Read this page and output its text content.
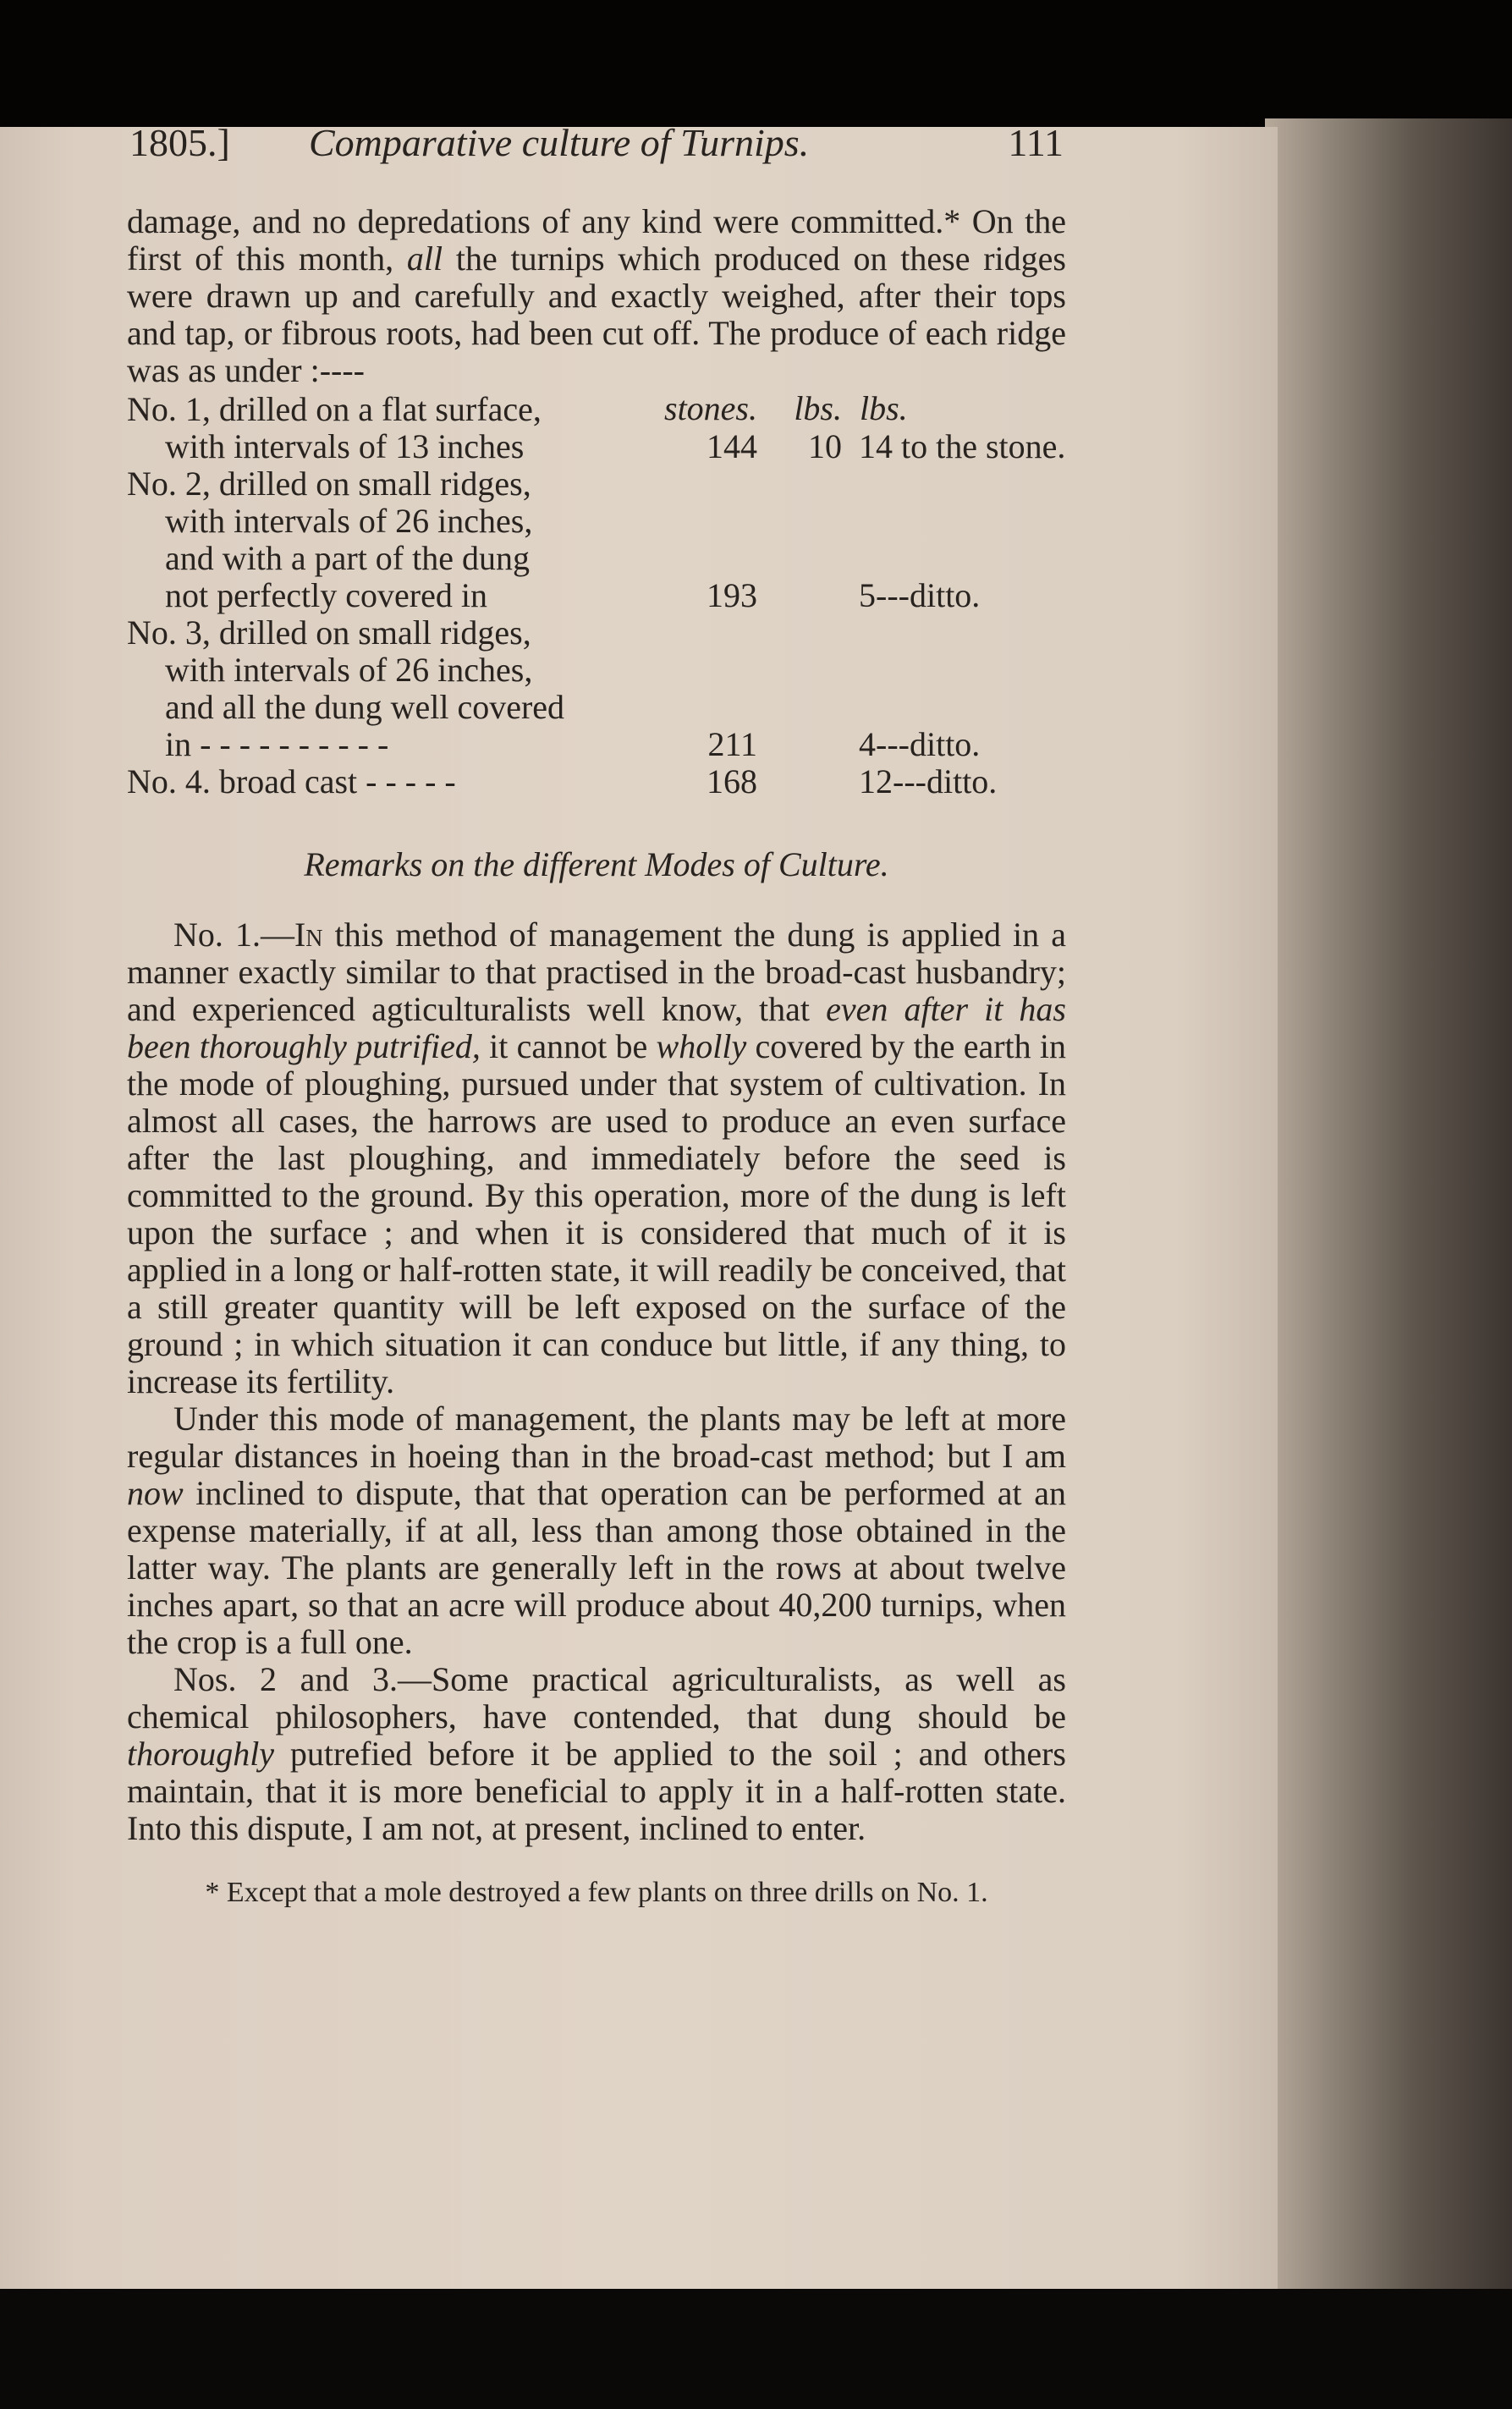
1805.] Comparative culture of Turnips.	111

damage, and no depredations of any kind were committed.* On the first of this month, all the turnips which produced on these ridges were drawn up and carefully and exactly weighed, after their tops and tap, or fibrous roots, had been cut off. The produce of each ridge was as under :----

No. 1, drilled on a flat surface,	stones.	lbs.	lbs.
with intervals of 13 inches	144	10	14 to the stone.
No. 2, drilled on small ridges,			
with intervals of 26 inches,			
and with a part of the dung			
not perfectly covered in	193		5---ditto.
No. 3, drilled on small ridges,			
with intervals of 26 inches,			
and all the dung well covered			
in - - - - - - - - - -	211		4---ditto.
No. 4. broad cast - - - - -	168		12---ditto.
Remarks on the different Modes of Culture.

No. 1.—In this method of management the dung is applied in a manner exactly similar to that practised in the broad-cast husbandry; and experienced agticulturalists well know, that even after it has been thoroughly putrified, it cannot be wholly covered by the earth in the mode of ploughing, pursued under that system of cultivation. In almost all cases, the harrows are used to produce an even surface after the last ploughing, and immediately before the seed is committed to the ground. By this operation, more of the dung is left upon the surface ; and when it is considered that much of it is applied in a long or half-rotten state, it will readily be conceived, that a still greater quantity will be left exposed on the surface of the ground ; in which situation it can conduce but little, if any thing, to increase its fertility.

Under this mode of management, the plants may be left at more regular distances in hoeing than in the broad-cast method; but I am now inclined to dispute, that that operation can be performed at an expense materially, if at all, less than among those obtained in the latter way. The plants are generally left in the rows at about twelve inches apart, so that an acre will produce about 40,200 turnips, when the crop is a full one.

Nos. 2 and 3.—Some practical agriculturalists, as well as chemical philosophers, have contended, that dung should be thoroughly putrefied before it be applied to the soil ; and others maintain, that it is more beneficial to apply it in a half-rotten state. Into this dispute, I am not, at present, inclined to enter.

* Except that a mole destroyed a few plants on three drills on No. 1.
